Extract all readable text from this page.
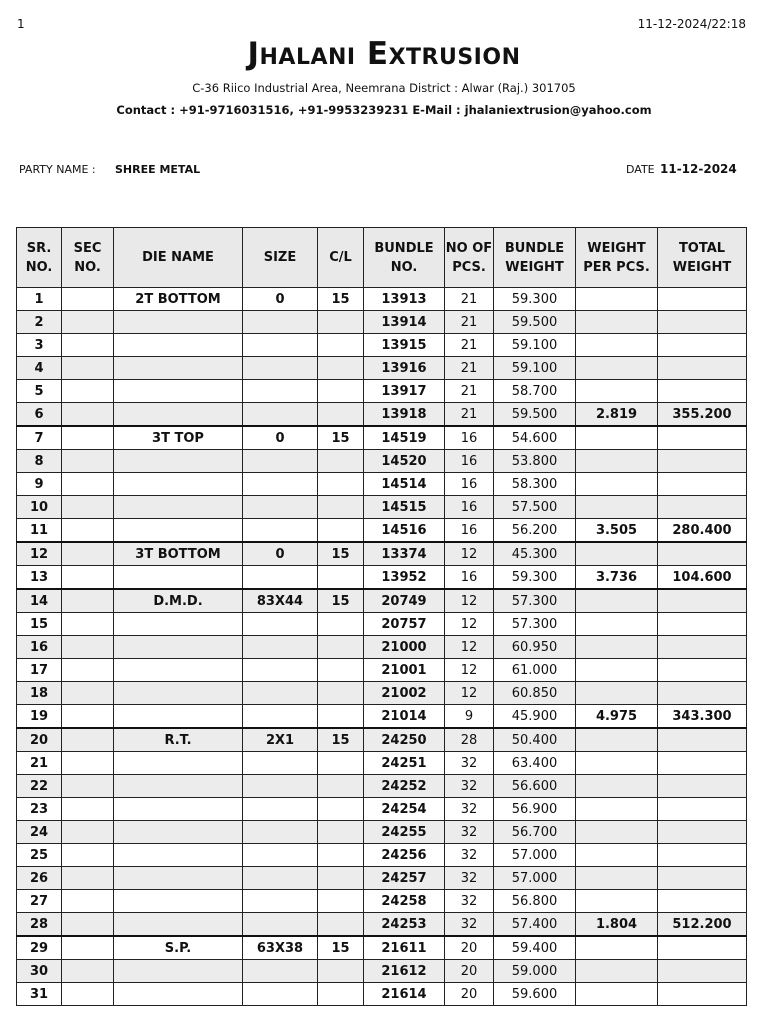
1	11-12-2024/22:18
Jhalani Extrusion
C-36 Riico Industrial Area, Neemrana District : Alwar (Raj.) 301705
Contact : +91-9716031516, +91-9953239231 E-Mail : jhalaniextrusion@yahoo.com
PARTY NAME : SHREE METAL	DATE 11-12-2024
SR. NO.	SEC NO.	DIE NAME	SIZE	C/L	BUNDLE NO.	NO OF PCS.	BUNDLE WEIGHT	WEIGHT PER PCS.	TOTAL WEIGHT
1		2T BOTTOM	0	15	13913	21	59.300		
2					13914	21	59.500		
3					13915	21	59.100		
4					13916	21	59.100		
5					13917	21	58.700		
6					13918	21	59.500	2.819	355.200
7		3T TOP	0	15	14519	16	54.600		
8					14520	16	53.800		
9					14514	16	58.300		
10					14515	16	57.500		
11					14516	16	56.200	3.505	280.400
12		3T BOTTOM	0	15	13374	12	45.300		
13					13952	16	59.300	3.736	104.600
14		D.M.D.	83X44	15	20749	12	57.300		
15					20757	12	57.300		
16					21000	12	60.950		
17					21001	12	61.000		
18					21002	12	60.850		
19					21014	9	45.900	4.975	343.300
20		R.T.	2X1	15	24250	28	50.400		
21					24251	32	63.400		
22					24252	32	56.600		
23					24254	32	56.900		
24					24255	32	56.700		
25					24256	32	57.000		
26					24257	32	57.000		
27					24258	32	56.800		
28					24253	32	57.400	1.804	512.200
29		S.P.	63X38	15	21611	20	59.400		
30					21612	20	59.000		
31					21614	20	59.600		
